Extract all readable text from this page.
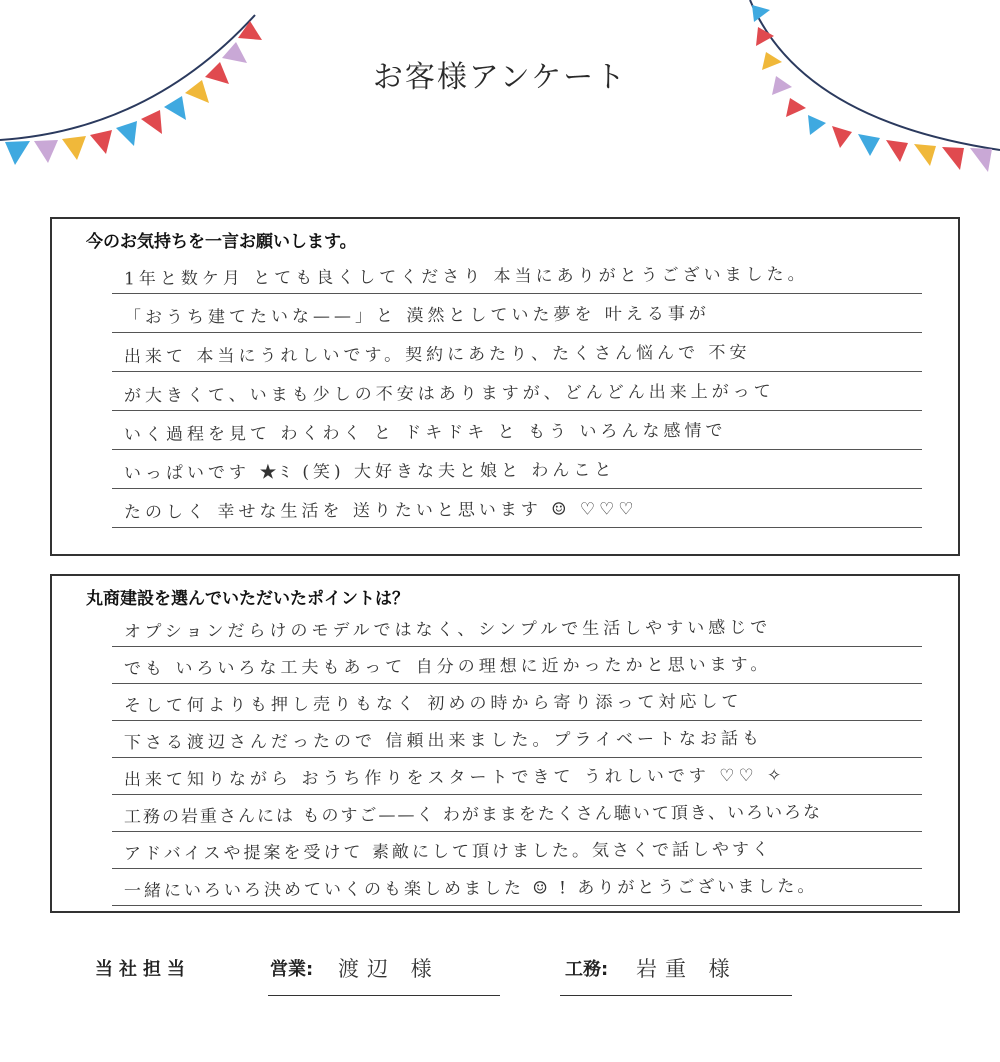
お客様アンケート
今のお気持ちを一言お願いします。
1年と数ケ月 とても良くしてくださり 本当にありがとうございました。
「おうち建てたいな——」と 漠然としていた夢を 叶える事が
出来て 本当にうれしいです。契約にあたり、たくさん悩んで 不安
が大きくて、いまも少しの不安はありますが、どんどん出来上がって
いく過程を見て わくわく と ドキドキ と もう いろんな感情で
いっぱいです ★ﾐ (笑) 大好きな夫と娘と わんこと
たのしく 幸せな生活を 送りたいと思います ☺ ♡♡♡
丸商建設を選んでいただいたポイントは？
オプションだらけのモデルではなく、シンプルで生活しやすい感じで
でも いろいろな工夫もあって 自分の理想に近かったかと思います。
そして何よりも押し売りもなく 初めの時から寄り添って対応して
下さる渡辺さんだったので 信頼出来ました。プライベートなお話も
出来て知りながら おうち作りをスタートできて うれしいです ♡♡ ✧
工務の岩重さんには ものすご——く わがままをたくさん聴いて頂き、いろいろな
アドバイスや提案を受けて 素敵にして頂けました。気さくで話しやすく
一緒にいろいろ決めていくのも楽しめました ☺ ! ありがとうございました。
当社担当	営業: 渡辺 様	工務: 岩重 様
